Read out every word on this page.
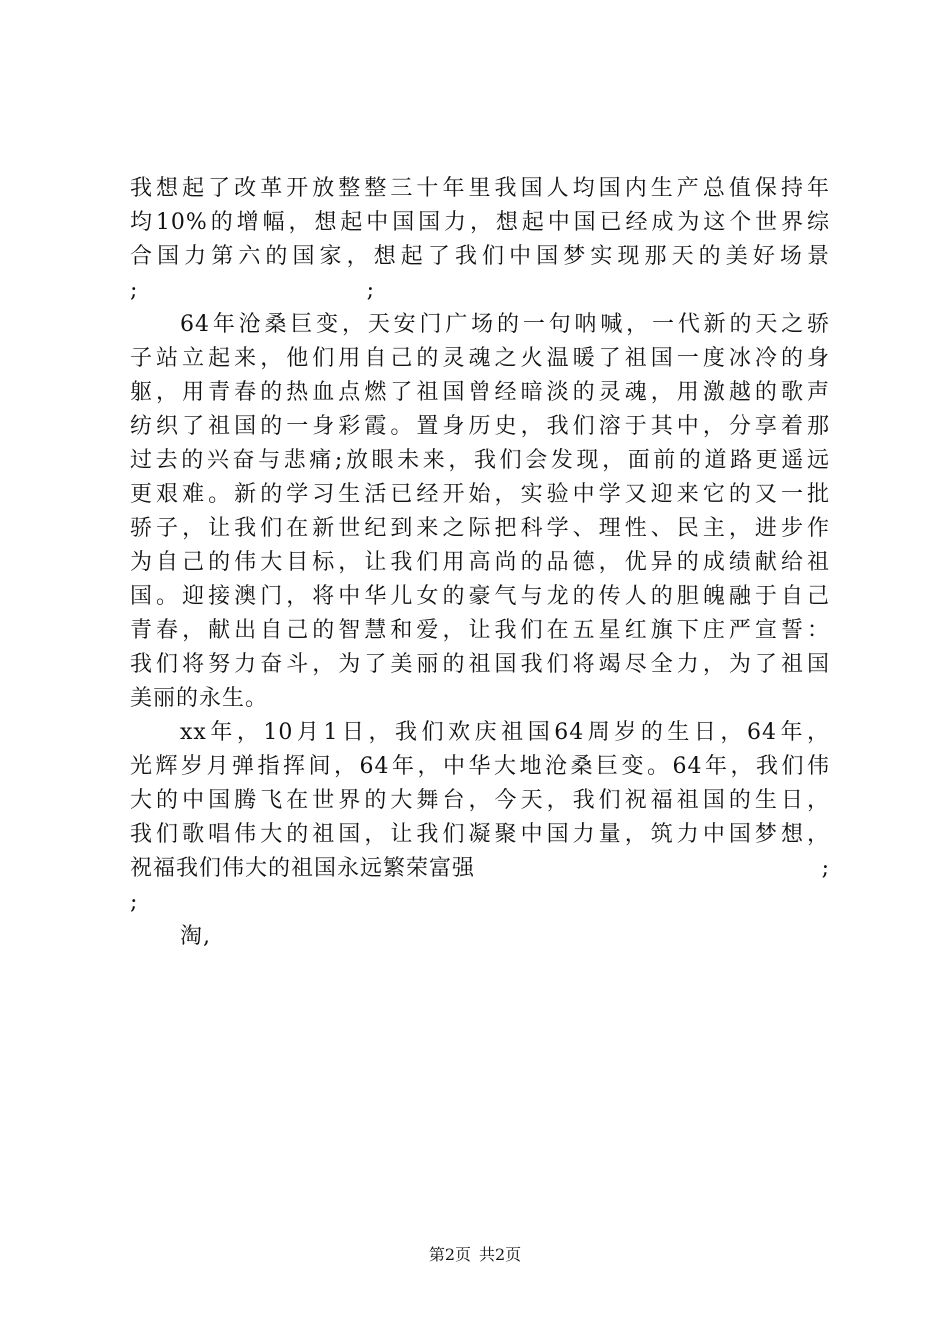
我想起了改革开放整整三十年里我国人均国内生产总值保持年
均10%的增幅，想起中国国力，想起中国已经成为这个世界综
合国力第六的国家，想起了我们中国梦实现那天的美好场景
;	;
64年沧桑巨变，天安门广场的一句呐喊，一代新的天之骄
子站立起来，他们用自己的灵魂之火温暖了祖国一度冰冷的身
躯，用青春的热血点燃了祖国曾经暗淡的灵魂，用激越的歌声
纺织了祖国的一身彩霞。置身历史，我们溶于其中，分享着那
过去的兴奋与悲痛;放眼未来，我们会发现，面前的道路更遥远
更艰难。新的学习生活已经开始，实验中学又迎来它的又一批
骄子，让我们在新世纪到来之际把科学、理性、民主，进步作
为自己的伟大目标，让我们用高尚的品德，优异的成绩献给祖
国。迎接澳门，将中华儿女的豪气与龙的传人的胆魄融于自己
青春，献出自己的智慧和爱，让我们在五星红旗下庄严宣誓：
我们将努力奋斗，为了美丽的祖国我们将竭尽全力，为了祖国
美丽的永生。
xx年，10月1日，我们欢庆祖国64周岁的生日，64年，
光辉岁月弹指挥间，64年，中华大地沧桑巨变。64年，我们伟
大的中国腾飞在世界的大舞台，今天，我们祝福祖国的生日，
我们歌唱伟大的祖国，让我们凝聚中国力量，筑力中国梦想，
祝福我们伟大的祖国永远繁荣富强	;
;
淘,
第2页 共2页
